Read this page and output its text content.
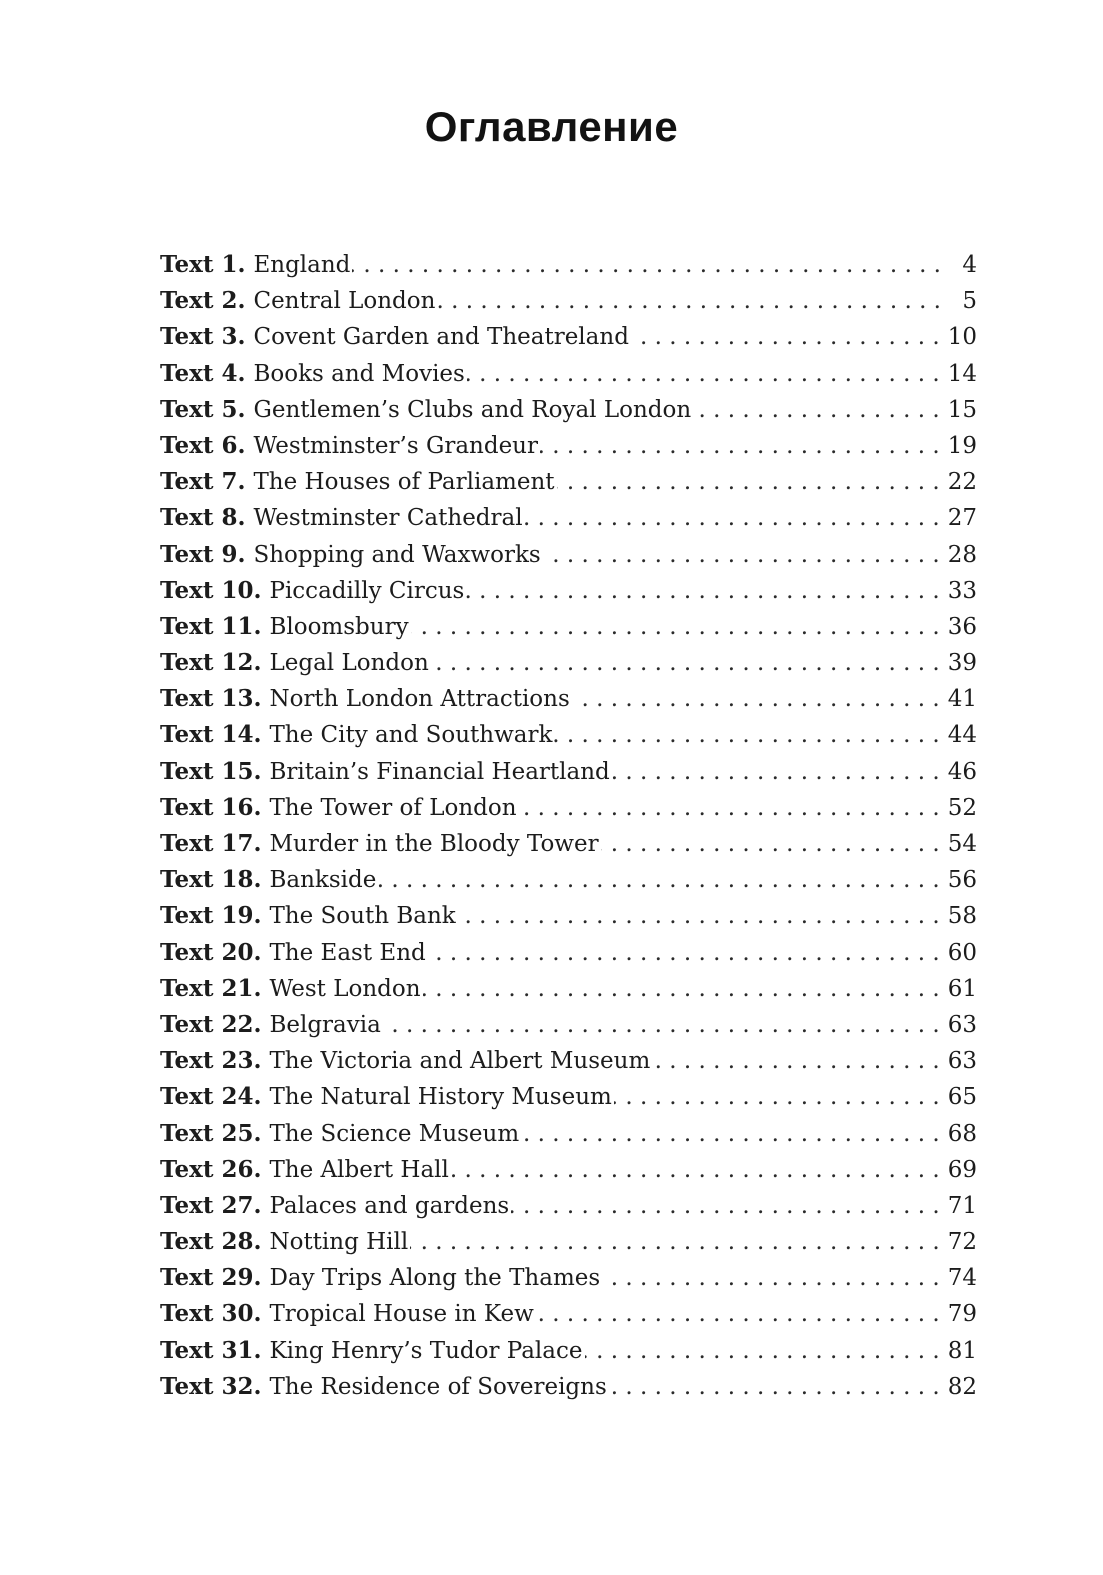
Оглавление
Text 1. England . . .	4
Text 2. Central London . . .	5
Text 3. Covent Garden and Theatreland . . .	10
Text 4. Books and Movies . . .	14
Text 5. Gentlemen’s Clubs and Royal London . . .	15
Text 6. Westminster’s Grandeur . . .	19
Text 7. The Houses of Parliament . . .	22
Text 8. Westminster Cathedral . . .	27
Text 9. Shopping and Waxworks . . .	28
Text 10. Piccadilly Circus . . .	33
Text 11. Bloomsbury . . .	36
Text 12. Legal London . . .	39
Text 13. North London Attractions . . .	41
Text 14. The City and Southwark . . .	44
Text 15. Britain’s Financial Heartland . . .	46
Text 16. The Tower of London . . .	52
Text 17. Murder in the Bloody Tower . . .	54
Text 18. Bankside . . .	56
Text 19. The South Bank . . .	58
Text 20. The East End . . .	60
Text 21. West London . . .	61
Text 22. Belgravia . . .	63
Text 23. The Victoria and Albert Museum . . .	63
Text 24. The Natural History Museum . . .	65
Text 25. The Science Museum . . .	68
Text 26. The Albert Hall . . .	69
Text 27. Palaces and gardens . . .	71
Text 28. Notting Hill . . .	72
Text 29. Day Trips Along the Thames . . .	74
Text 30. Tropical House in Kew . . .	79
Text 31. King Henry’s Tudor Palace . . .	81
Text 32. The Residence of Sovereigns . . .	82
